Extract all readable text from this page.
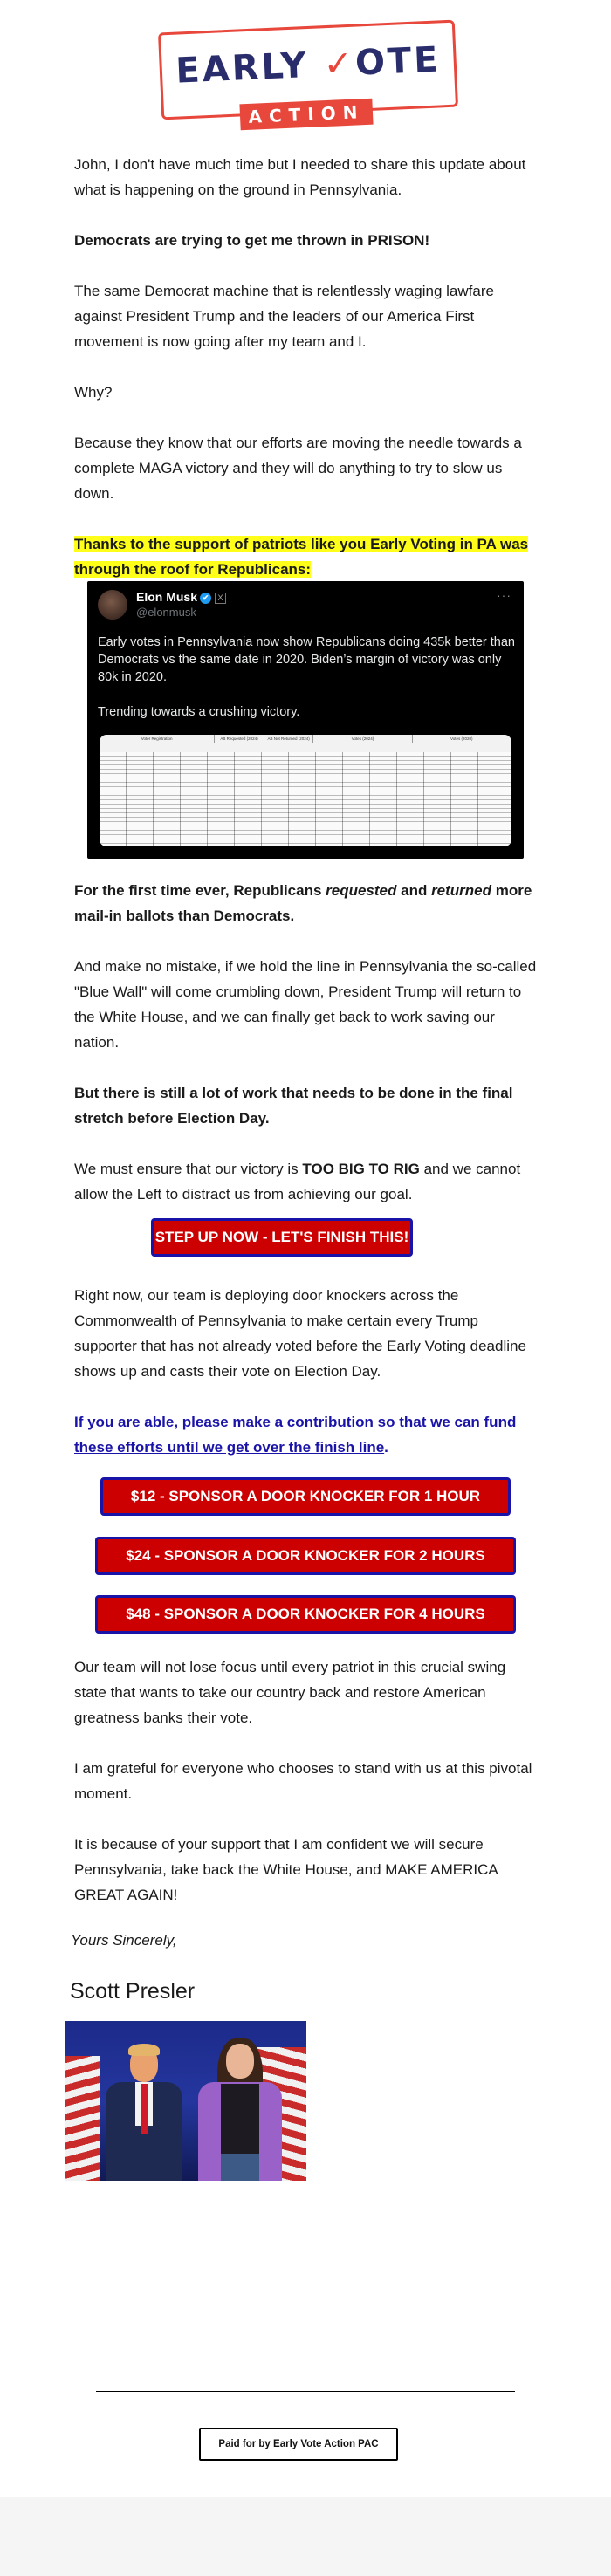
EARLY ✓OTE
ACTION

John, I don't have much time but I needed to share this update about what is happening on the ground in Pennsylvania.

Democrats are trying to get me thrown in PRISON!

The same Democrat machine that is relentlessly waging lawfare against President Trump and the leaders of our America First movement is now going after my team and I.

Why?

Because they know that our efforts are moving the needle towards a complete MAGA victory and they will do anything to try to slow us down.

Thanks to the support of patriots like you Early Voting in PA was through the roof for Republicans:

Elon Musk ✔ X
@elonmusk
···

Early votes in Pennsylvania now show Republicans doing 435k better than Democrats vs the same date in 2020. Biden’s margin of victory was only 80k in 2020.

Trending towards a crushing victory.

Voter Registration	AB Requested (2024)	AB Not Returned (2024)	Votes (2024)	Votes (2020)

For the first time ever, Republicans requested and returned more mail-in ballots than Democrats.

And make no mistake, if we hold the line in Pennsylvania the so-called "Blue Wall" will come crumbling down, President Trump will return to the White House, and we can finally get back to work saving our nation.

But there is still a lot of work that needs to be done in the final stretch before Election Day.

We must ensure that our victory is TOO BIG TO RIG and we cannot allow the Left to distract us from achieving our goal.

STEP UP NOW - LET'S FINISH THIS!

Right now, our team is deploying door knockers across the Commonwealth of Pennsylvania to make certain every Trump supporter that has not already voted before the Early Voting deadline shows up and casts their vote on Election Day.

If you are able, please make a contribution so that we can fund these efforts until we get over the finish line.

$12 - SPONSOR A DOOR KNOCKER FOR 1 HOUR
$24 - SPONSOR A DOOR KNOCKER FOR 2 HOURS
$48 - SPONSOR A DOOR KNOCKER FOR 4 HOURS

Our team will not lose focus until every patriot in this crucial swing state that wants to take our country back and restore American greatness banks their vote.

I am grateful for everyone who chooses to stand with us at this pivotal moment.

It is because of your support that I am confident we will secure Pennsylvania, take back the White House, and MAKE AMERICA GREAT AGAIN!

Yours Sincerely,
Scott Presler
Paid for by Early Vote Action PAC
